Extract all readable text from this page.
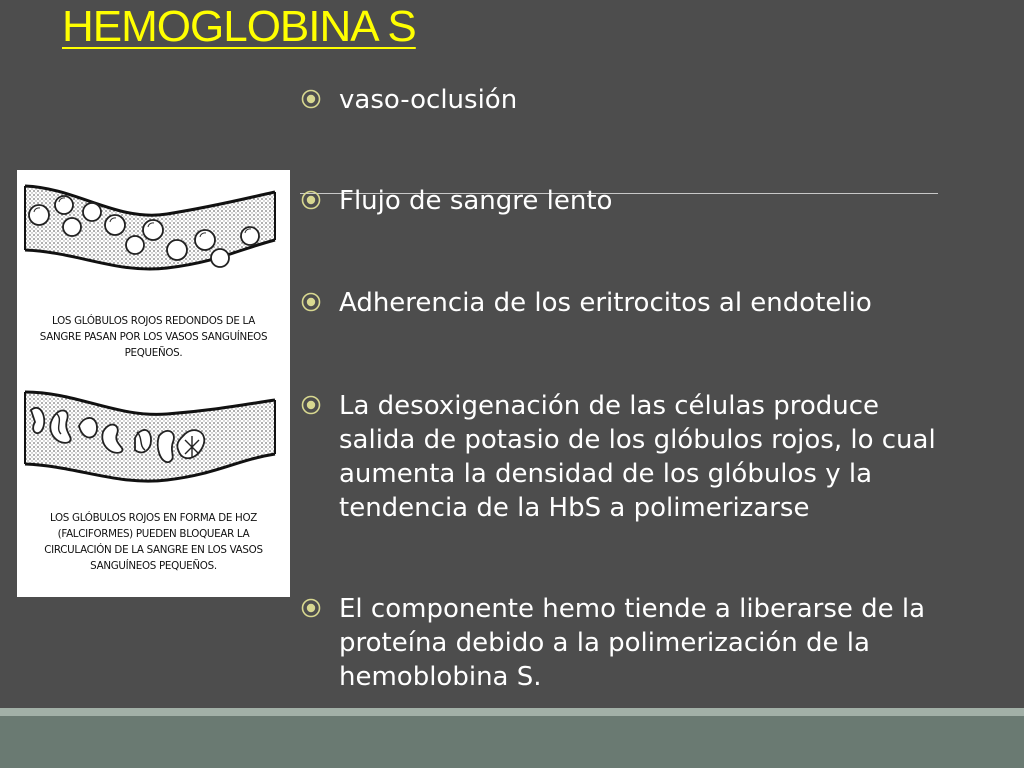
HEMOGLOBINA S
LOS GLÓBULOS ROJOS REDONDOS DE LA
SANGRE PASAN POR LOS VASOS SANGUÍNEOS
PEQUEÑOS.
LOS GLÓBULOS ROJOS EN FORMA DE HOZ
(FALCIFORMES) PUEDEN BLOQUEAR LA
CIRCULACIÓN DE LA SANGRE EN LOS VASOS
SANGUÍNEOS PEQUEÑOS.
vaso-oclusión
Flujo de sangre lento
Adherencia de los eritrocitos al endotelio
La desoxigenación de las células produce salida de potasio de los glóbulos rojos, lo cual aumenta la densidad de los glóbulos y la tendencia de la HbS a polimerizarse
El componente hemo tiende a liberarse de la proteína debido a la polimerización de la hemoblobina S.
